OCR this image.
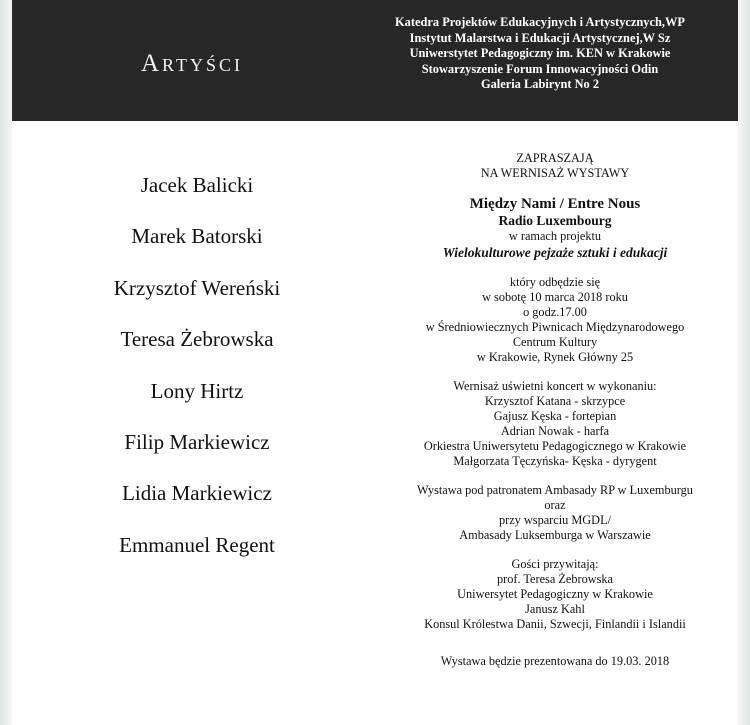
Artyści
Katedra Projektów Edukacyjnych i Artystycznych,WP
Instytut Malarstwa i Edukacji Artystycznej,W Sz
Uniwerstytet Pedagogiczny im. KEN w Krakowie
Stowarzyszenie Forum Innowacyjności Odin
Galeria Labirynt No 2
Jacek Balicki
Marek Batorski
Krzysztof Wereński
Teresa Żebrowska
Lony Hirtz
Filip Markiewicz
Lidia Markiewicz
Emmanuel Regent
ZAPRASZAJĄ
NA WERNISAŻ WYSTAWY
Między Nami / Entre Nous
Radio Luxembourg
w ramach projektu
Wielokulturowe pejzaże sztuki i edukacji
który odbędzie się
w sobotę 10 marca 2018 roku
o godz.17.00
w Średniowiecznych Piwnicach Międzynarodowego
Centrum Kultury
w Krakowie, Rynek Główny 25
Wernisaż uświetni koncert w wykonaniu:
Krzysztof Katana - skrzypce
Gajusz Kęska - fortepian
Adrian Nowak - harfa
Orkiestra Uniwersytetu Pedagogicznego w Krakowie
Małgorzata Tęczyńska- Kęska - dyrygent
Wystawa pod patronatem Ambasady RP w Luxemburgu
oraz
przy wsparciu MGDL/
Ambasady Luksemburga w Warszawie
Gości przywitają:
prof. Teresa Żebrowska
Uniwersytet Pedagogiczny w Krakowie
Janusz Kahl
Konsul Królestwa Danii, Szwecji, Finlandii i Islandii
Wystawa będzie prezentowana do 19.03. 2018
